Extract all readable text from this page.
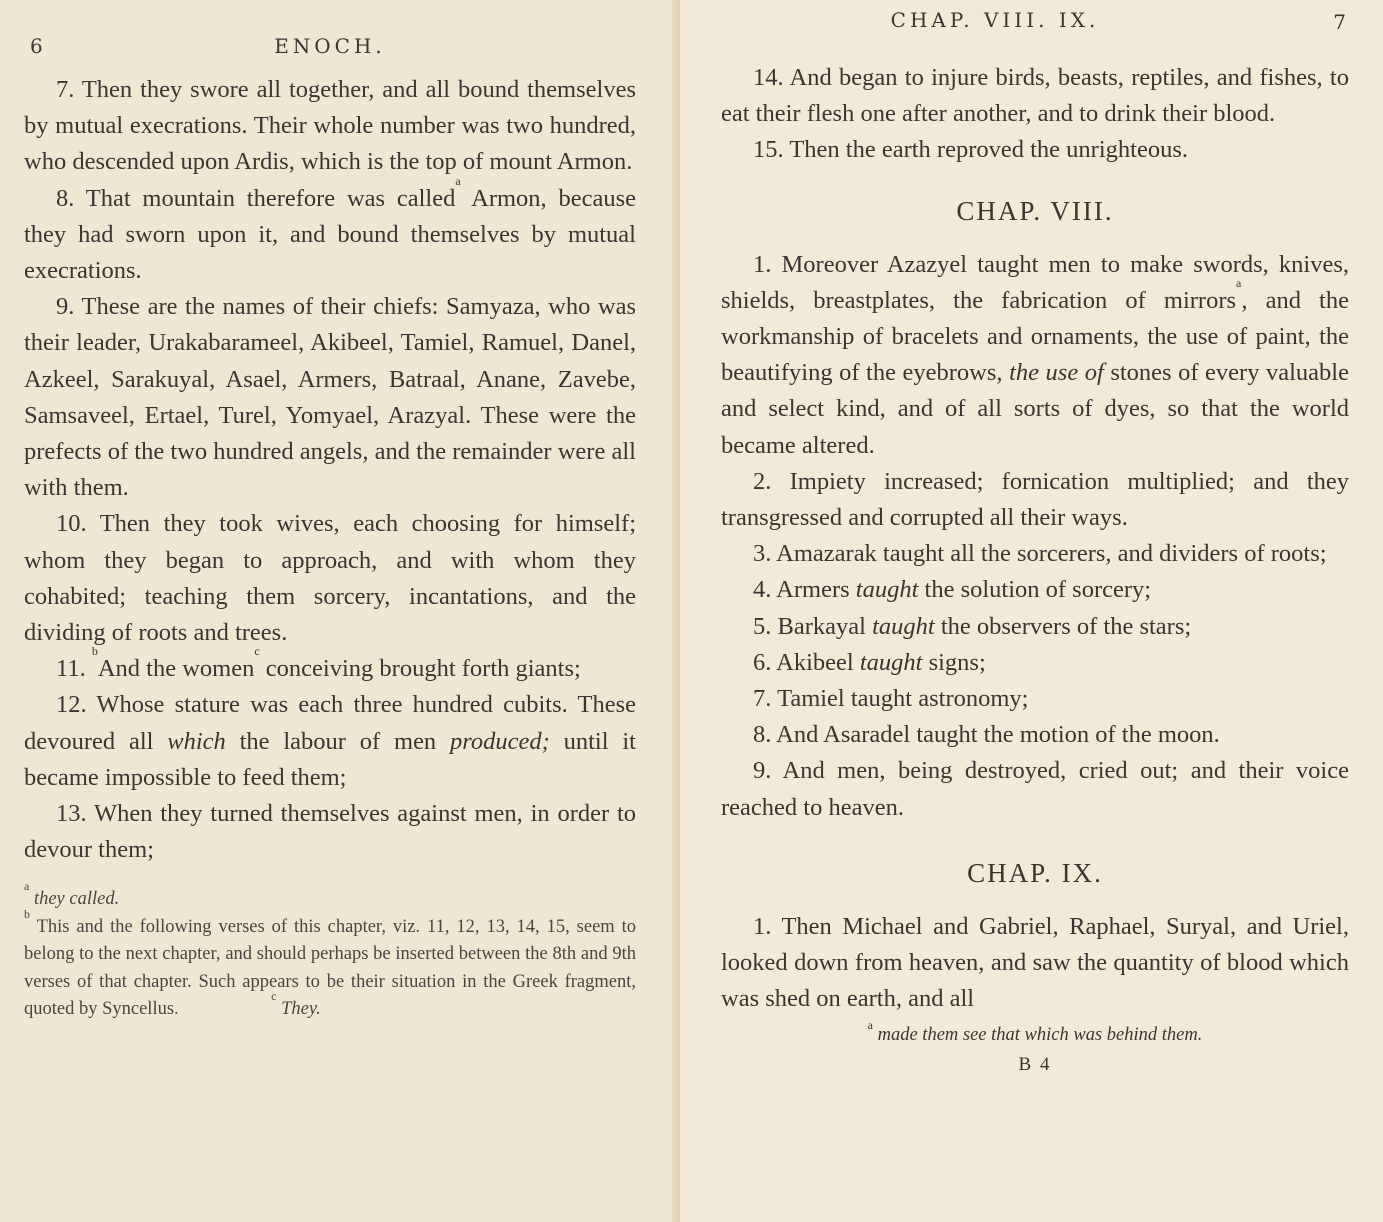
6	ENOCH.

7. Then they swore all together, and all bound themselves by mutual execrations. Their whole number was two hundred, who descended upon Ardis, which is the top of mount Armon.

8. That mountain therefore was called$^a$ Armon, because they had sworn upon it, and bound themselves by mutual execrations.

9. These are the names of their chiefs: Samyaza, who was their leader, Urakabarameel, Akibeel, Tamiel, Ramuel, Danel, Azkeel, Sarakuyal, Asael, Armers, Batraal, Anane, Zavebe, Samsaveel, Ertael, Turel, Yomyael, Arazyal. These were the prefects of the two hundred angels, and the remainder were all with them.

10. Then they took wives, each choosing for himself; whom they began to approach, and with whom they cohabited; teaching them sorcery, incantations, and the dividing of roots and trees.

11. $^b$And the women$^c$ conceiving brought forth giants;

12. Whose stature was each three hundred cubits. These devoured all which the labour of men produced; until it became impossible to feed them;

13. When they turned themselves against men, in order to devour them;

$^a$ they called.

$^b$ This and the following verses of this chapter, viz. 11, 12, 13, 14, 15, seem to belong to the next chapter, and should perhaps be inserted between the 8th and 9th verses of that chapter. Such appears to be their situation in the Greek fragment, quoted by Syncellus.                    $^c$ They.

CHAP. VIII. IX.	7

14. And began to injure birds, beasts, reptiles, and fishes, to eat their flesh one after another, and to drink their blood.

15. Then the earth reproved the unrighteous.

CHAP. VIII.

1. Moreover Azazyel taught men to make swords, knives, shields, breastplates, the fabrication of mirrors$^a$, and the workmanship of bracelets and ornaments, the use of paint, the beautifying of the eyebrows, the use of stones of every valuable and select kind, and of all sorts of dyes, so that the world became altered.

2. Impiety increased; fornication multiplied; and they transgressed and corrupted all their ways.

3. Amazarak taught all the sorcerers, and dividers of roots;

4. Armers taught the solution of sorcery;

5. Barkayal taught the observers of the stars;

6. Akibeel taught signs;

7. Tamiel taught astronomy;

8. And Asaradel taught the motion of the moon.

9. And men, being destroyed, cried out; and their voice reached to heaven.

CHAP. IX.

1. Then Michael and Gabriel, Raphael, Suryal, and Uriel, looked down from heaven, and saw the quantity of blood which was shed on earth, and all

$^a$ made them see that which was behind them.
B 4
